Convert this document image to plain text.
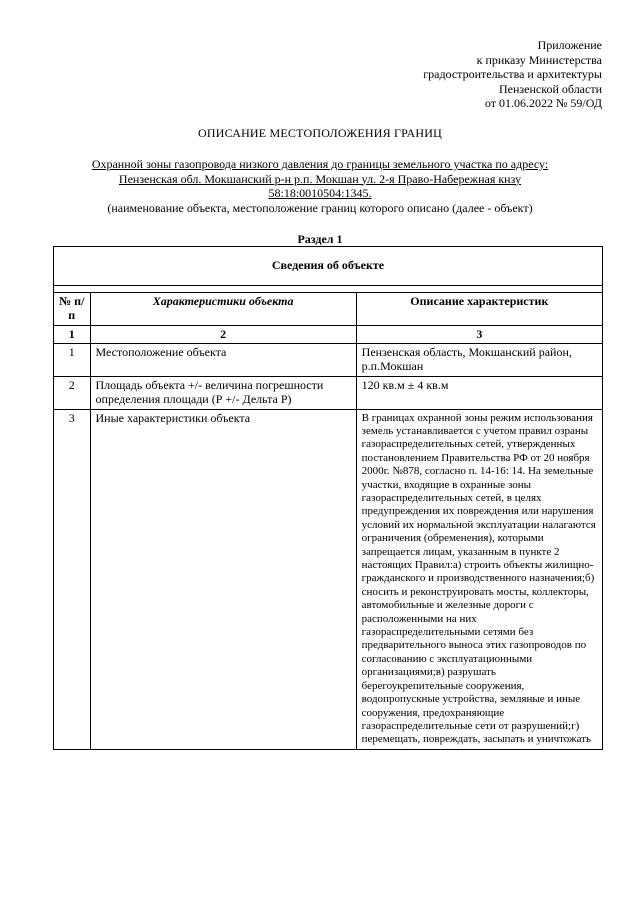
Приложение
к приказу Министерства
градостроительства и архитектуры
Пензенской области
от 01.06.2022 № 59/ОД
ОПИСАНИЕ МЕСТОПОЛОЖЕНИЯ ГРАНИЦ
Охранной зоны газопровода низкого давления до границы земельного участка по адресу:
Пензенская обл. Мокшанский р-н р.п. Мокшан ул. 2-я Право-Набережная кнзу
58:18:0010504:1345.
(наименование объекта, местоположение границ которого описано (далее - объект)
Раздел 1
Сведения об объекте		

№ п/п	Характеристики объекта	Описание характеристик
1	2	3
1	Местоположение объекта	Пензенская область, Мокшанский район, р.п.Мокшан
2	Площадь объекта +/- величина погрешности определения площади (Р +/- Дельта Р)	120 кв.м ± 4 кв.м
3	Иные характеристики объекта	В границах охранной зоны режим использования земель устанавливается с учетом правил озраны газораспределительных сетей, утвержденных постановлением Правительства РФ от 20 ноября 2000г. №878, согласно п. 14-16: 14. На земельные участки, входящие в охранные зоны газораспределительных сетей, в целях предупреждения их повреждения или нарушения условий их нормальной эксплуатации налагаются ограничения (обременения), которыми запрещается лицам, указанным в пункте 2 настоящих Правил:а) строить объекты жилищно-гражданского и производственного назначения;б) сносить и реконструировать мосты, коллекторы, автомобильные и железные дороги с расположенными на них газораспределительными сетями без предварительного выноса этих газопроводов по согласованию с эксплуатационными организациями;в) разрушать берегоукрепительные сооружения, водопропускные устройства, земляные и иные сооружения, предохраняющие газораспределительные сети от разрушений;г) перемещать, повреждать, засыпать и уничтожать
